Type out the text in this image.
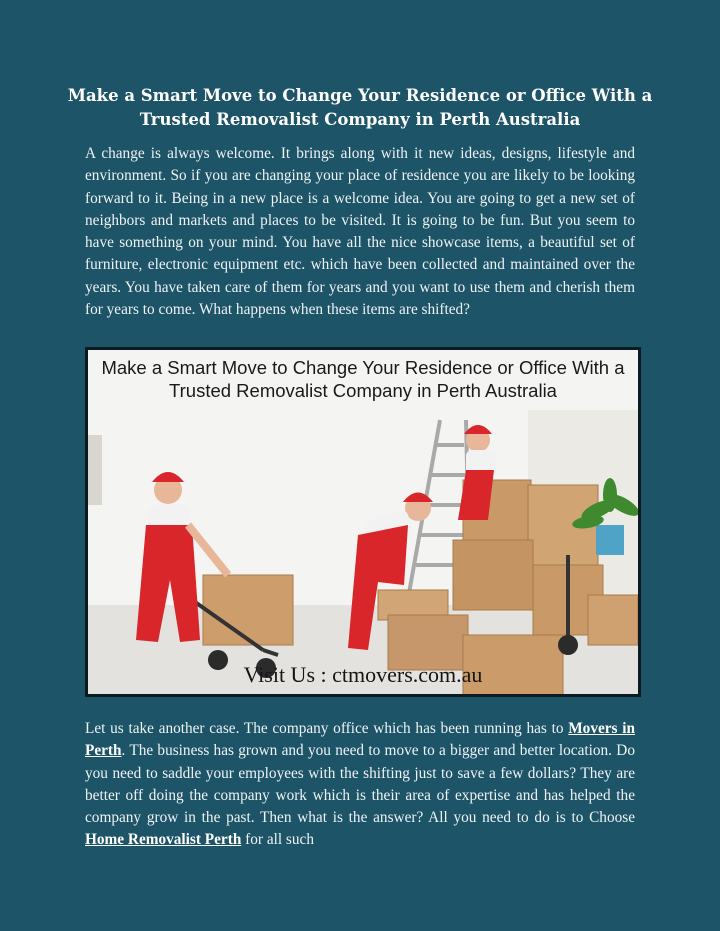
Make a Smart Move to Change Your Residence or Office With a Trusted Removalist Company in Perth Australia

A change is always welcome. It brings along with it new ideas, designs, lifestyle and environment. So if you are changing your place of residence you are likely to be looking forward to it. Being in a new place is a welcome idea. You are going to get a new set of neighbors and markets and places to be visited. It is going to be fun. But you seem to have something on your mind. You have all the nice showcase items, a beautiful set of furniture, electronic equipment etc. which have been collected and maintained over the years. You have taken care of them for years and you want to use them and cherish them for years to come. What happens when these items are shifted?

Make a Smart Move to Change Your Residence or Office With a
Trusted Removalist Company in Perth Australia

Visit Us : ctmovers.com.au

Let us take another case. The company office which has been running has to Movers in Perth. The business has grown and you need to move to a bigger and better location. Do you need to saddle your employees with the shifting just to save a few dollars? They are better off doing the company work which is their area of expertise and has helped the company grow in the past. Then what is the answer? All you need to do is to Choose Home Removalist Perth for all such
